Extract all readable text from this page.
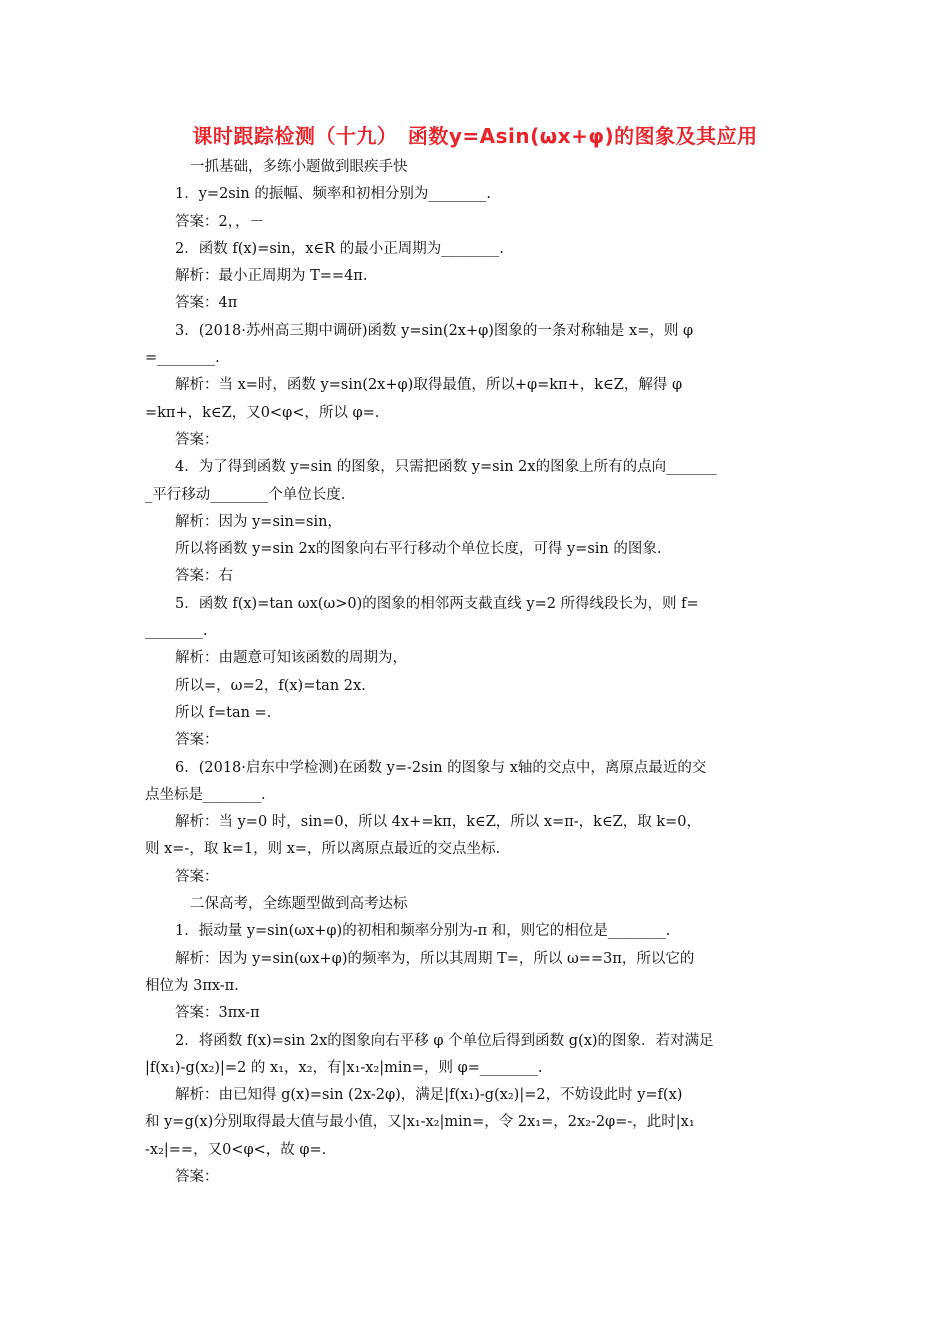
课时跟踪检测（十九）　函数y=Asin(ωx+φ)的图象及其应用
一抓基础，多练小题做到眼疾手快
1．y=2sin 的振幅、频率和初相分别为________.
答案：2，，－
2．函数 f(x)=sin，x∈R 的最小正周期为________.
解析：最小正周期为 T==4π.
答案：4π
3．(2018·苏州高三期中调研)函数 y=sin(2x+φ)图象的一条对称轴是 x=，则 φ
=________.
解析：当 x=时，函数 y=sin(2x+φ)取得最值，所以+φ=kπ+，k∈Z，解得 φ
=kπ+，k∈Z，又0<φ<，所以 φ=.
答案：
4．为了得到函数 y=sin 的图象，只需把函数 y=sin 2x的图象上所有的点向_______
_平行移动________个单位长度.
解析：因为 y=sin=sin，
所以将函数 y=sin 2x的图象向右平行移动个单位长度，可得 y=sin 的图象.
答案：右
5．函数 f(x)=tan ωx(ω>0)的图象的相邻两支截直线 y=2 所得线段长为，则 f=
________.
解析：由题意可知该函数的周期为，
所以=，ω=2，f(x)=tan 2x.
所以 f=tan =.
答案：
6．(2018·启东中学检测)在函数 y=-2sin 的图象与 x轴的交点中，离原点最近的交
点坐标是________.
解析：当 y=0 时，sin=0，所以 4x+=kπ，k∈Z，所以 x=π-，k∈Z，取 k=0，
则 x=-，取 k=1，则 x=，所以离原点最近的交点坐标.
答案：
二保高考，全练题型做到高考达标
1．振动量 y=sin(ωx+φ)的初相和频率分别为-π 和，则它的相位是________.
解析：因为 y=sin(ωx+φ)的频率为，所以其周期 T=，所以 ω==3π，所以它的
相位为 3πx-π.
答案：3πx-π
2．将函数 f(x)=sin 2x的图象向右平移 φ 个单位后得到函数 g(x)的图象．若对满足
|f(x₁)-g(x₂)|=2 的 x₁，x₂，有|x₁-x₂|min=，则 φ=________.
解析：由已知得 g(x)=sin (2x-2φ)，满足|f(x₁)-g(x₂)|=2，不妨设此时 y=f(x)
和 y=g(x)分别取得最大值与最小值，又|x₁-x₂|min=，令 2x₁=，2x₂-2φ=-，此时|x₁
-x₂|==，又0<φ<，故 φ=.
答案：
